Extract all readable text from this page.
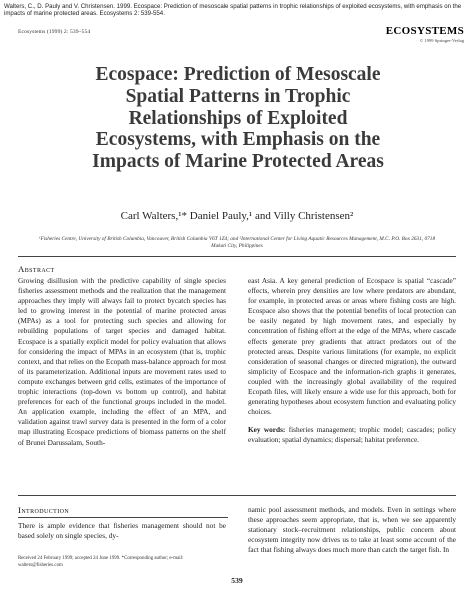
Walters, C., D. Pauly and V. Christensen. 1999. Ecospace: Prediction of mesoscale spatial patterns in trophic relationships of exploited ecosystems, with emphasis on the impacts of marine protected areas. Ecosystems 2: 539-554.
Ecosystems (1999) 2: 539–554	ECOSYSTEMS
© 1999 Springer-Verlag
Ecospace: Prediction of Mesoscale
Spatial Patterns in Trophic
Relationships of Exploited
Ecosystems, with Emphasis on the
Impacts of Marine Protected Areas
Carl Walters,¹* Daniel Pauly,¹ and Villy Christensen²
¹Fisheries Centre, University of British Columbia, Vancouver, British Columbia V6T 1Z4; and ²International Center for Living Aquatic Resources Management, M.C. P.O. Box 2631, 0718 Makati City, Philippines
Abstract

Growing disillusion with the predictive capability of single species fisheries assessment methods and the realization that the management approaches they imply will always fail to protect bycatch species has led to growing interest in the potential of marine protected areas (MPAs) as a tool for protecting such species and allowing for rebuilding populations of target species and damaged habitat. Ecospace is a spatially explicit model for policy evaluation that allows for considering the impact of MPAs in an ecosystem (that is, trophic context, and that relies on the Ecopath mass-balance approach for most of its parameterization. Additional inputs are movement rates used to compute exchanges between grid cells, estimates of the importance of trophic interactions (top-down vs bottom up control), and habitat preferences for each of the functional groups included in the model. An application example, including the effect of an MPA, and validation against trawl survey data is presented in the form of a color map illustrating Ecospace predictions of biomass patterns on the shelf of Brunei Darussalam, South-

east Asia. A key general prediction of Ecospace is spatial “cascade” effects, wherein prey densities are low where predators are abundant, for example, in protected areas or areas where fishing costs are high. Ecospace also shows that the potential benefits of local protection can be easily negated by high movement rates, and especially by concentration of fishing effort at the edge of the MPAs, where cascade effects generate prey gradients that attract predators out of the protected areas. Despite various limitations (for example, no explicit consideration of seasonal changes or directed migration), the outward simplicity of Ecospace and the information-rich graphs it generates, coupled with the increasingly global availability of the required Ecopath files, will likely ensure a wide use for this approach, both for generating hypotheses about ecosystem function and evaluating policy choices.

Key words: fisheries management; trophic model; cascades; policy evaluation; spatial dynamics; dispersal; habitat preference.

Introduction

There is ample evidence that fisheries management should not be based solely on single species, dy-

namic pool assessment methods, and models. Even in settings where these approaches seem appropriate, that is, when we see apparently stationary stock–recruitment relationships, public concern about ecosystem integrity now drives us to take at least some account of the fact that fishing always does much more than catch the target fish. In

Received 24 February 1999; accepted 24 June 1999. *Corresponding author; e-mail: walters@fisheries.com
539
